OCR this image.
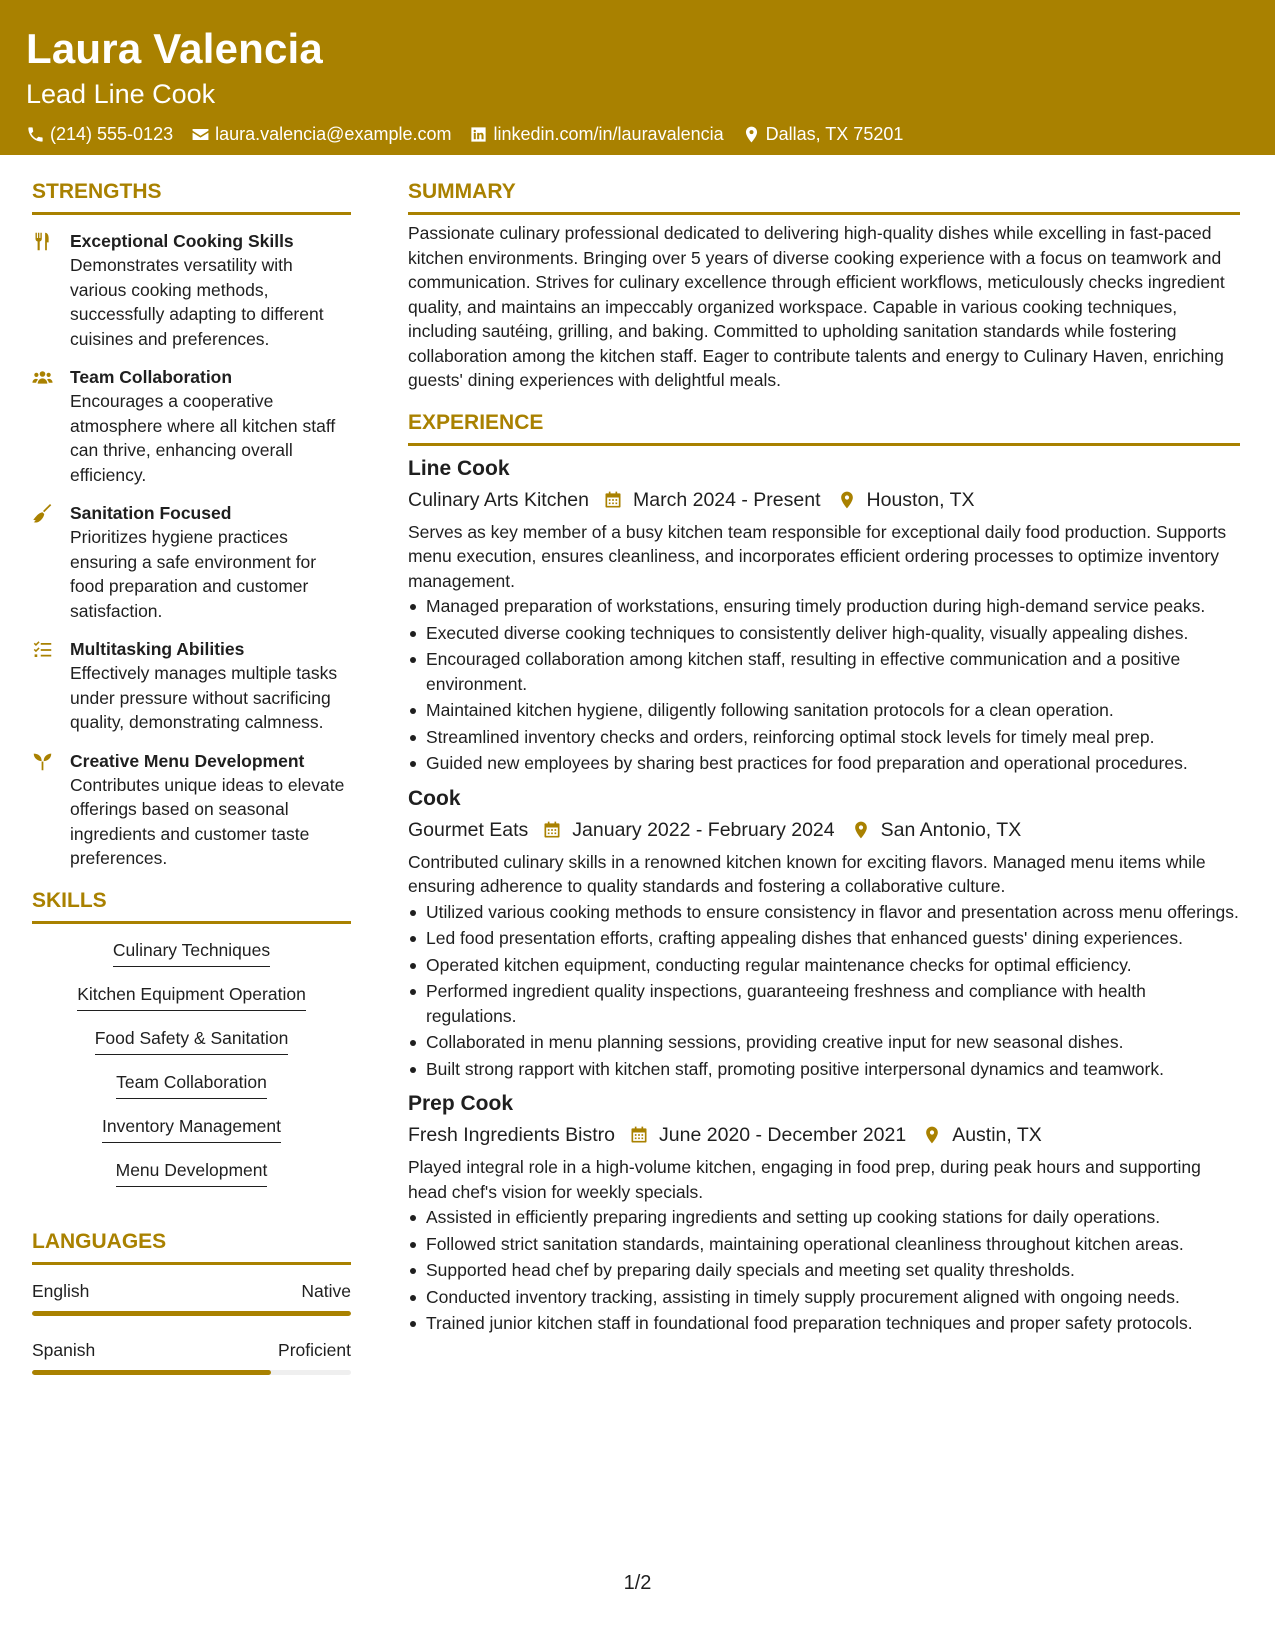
Laura Valencia
Lead Line Cook
(214) 555-0123 laura.valencia@example.com linkedin.com/in/lauravalencia Dallas, TX 75201
STRENGTHS
Exceptional Cooking Skills
Demonstrates versatility with various cooking methods, successfully adapting to different cuisines and preferences.
Team Collaboration
Encourages a cooperative atmosphere where all kitchen staff can thrive, enhancing overall efficiency.
Sanitation Focused
Prioritizes hygiene practices ensuring a safe environment for food preparation and customer satisfaction.
Multitasking Abilities
Effectively manages multiple tasks under pressure without sacrificing quality, demonstrating calmness.
Creative Menu Development
Contributes unique ideas to elevate offerings based on seasonal ingredients and customer taste preferences.
SKILLS
Culinary Techniques
Kitchen Equipment Operation
Food Safety & Sanitation
Team Collaboration
Inventory Management
Menu Development
LANGUAGES
English	Native
Spanish	Proficient
SUMMARY
Passionate culinary professional dedicated to delivering high-quality dishes while excelling in fast-paced kitchen environments. Bringing over 5 years of diverse cooking experience with a focus on teamwork and communication. Strives for culinary excellence through efficient workflows, meticulously checks ingredient quality, and maintains an impeccably organized workspace. Capable in various cooking techniques, including sautéing, grilling, and baking. Committed to upholding sanitation standards while fostering collaboration among the kitchen staff. Eager to contribute talents and energy to Culinary Haven, enriching guests' dining experiences with delightful meals.
EXPERIENCE
Line Cook
Culinary Arts Kitchen March 2024 - Present Houston, TX
Serves as key member of a busy kitchen team responsible for exceptional daily food production. Supports menu execution, ensures cleanliness, and incorporates efficient ordering processes to optimize inventory management.
Managed preparation of workstations, ensuring timely production during high-demand service peaks.
Executed diverse cooking techniques to consistently deliver high-quality, visually appealing dishes.
Encouraged collaboration among kitchen staff, resulting in effective communication and a positive environment.
Maintained kitchen hygiene, diligently following sanitation protocols for a clean operation.
Streamlined inventory checks and orders, reinforcing optimal stock levels for timely meal prep.
Guided new employees by sharing best practices for food preparation and operational procedures.
Cook
Gourmet Eats January 2022 - February 2024 San Antonio, TX
Contributed culinary skills in a renowned kitchen known for exciting flavors. Managed menu items while ensuring adherence to quality standards and fostering a collaborative culture.
Utilized various cooking methods to ensure consistency in flavor and presentation across menu offerings.
Led food presentation efforts, crafting appealing dishes that enhanced guests' dining experiences.
Operated kitchen equipment, conducting regular maintenance checks for optimal efficiency.
Performed ingredient quality inspections, guaranteeing freshness and compliance with health regulations.
Collaborated in menu planning sessions, providing creative input for new seasonal dishes.
Built strong rapport with kitchen staff, promoting positive interpersonal dynamics and teamwork.
Prep Cook
Fresh Ingredients Bistro June 2020 - December 2021 Austin, TX
Played integral role in a high-volume kitchen, engaging in food prep, during peak hours and supporting head chef's vision for weekly specials.
Assisted in efficiently preparing ingredients and setting up cooking stations for daily operations.
Followed strict sanitation standards, maintaining operational cleanliness throughout kitchen areas.
Supported head chef by preparing daily specials and meeting set quality thresholds.
Conducted inventory tracking, assisting in timely supply procurement aligned with ongoing needs.
Trained junior kitchen staff in foundational food preparation techniques and proper safety protocols.
1/2
